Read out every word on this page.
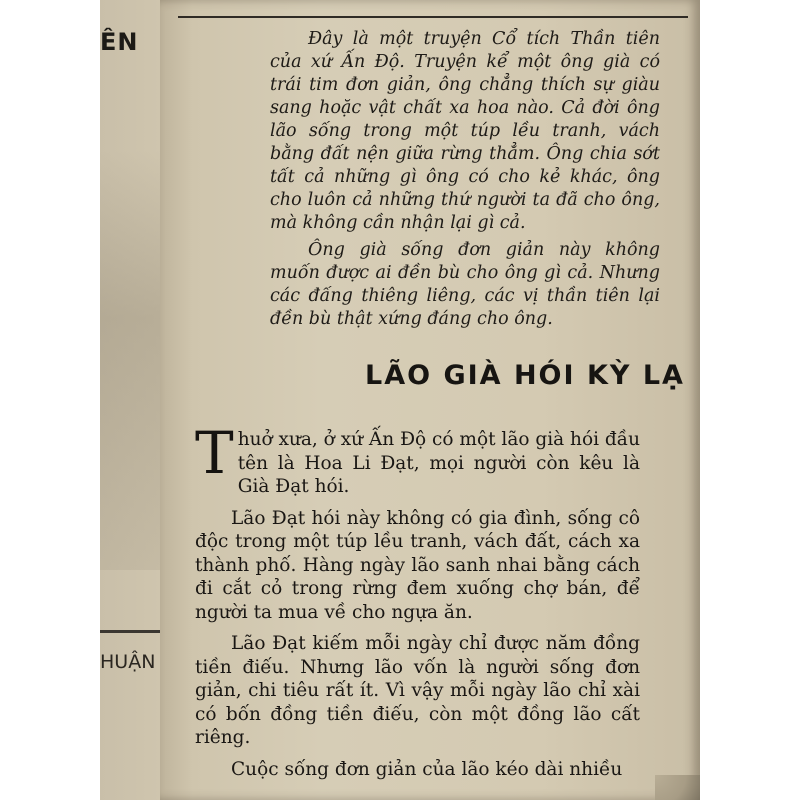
ÊN
HUẬN

Đây là một truyện Cổ tích Thần tiên của xứ Ấn Độ. Truyện kể một ông già có trái tim đơn giản, ông chẳng thích sự giàu sang hoặc vật chất xa hoa nào. Cả đời ông lão sống trong một túp lều tranh, vách bằng đất nện giữa rừng thẳm. Ông chia sớt tất cả những gì ông có cho kẻ khác, ông cho luôn cả những thứ người ta đã cho ông, mà không cần nhận lại gì cả.

Ông già sống đơn giản này không muốn được ai đền bù cho ông gì cả. Nhưng các đấng thiêng liêng, các vị thần tiên lại đền bù thật xứng đáng cho ông.

LÃO GIÀ HÓI KỲ LẠ

Thuở xưa, ở xứ Ấn Độ có một lão già hói đầu tên là Hoa Li Đạt, mọi người còn kêu là Già Đạt hói.

Lão Đạt hói này không có gia đình, sống cô độc trong một túp lều tranh, vách đất, cách xa thành phố. Hàng ngày lão sanh nhai bằng cách đi cắt cỏ trong rừng đem xuống chợ bán, để người ta mua về cho ngựa ăn.

Lão Đạt kiếm mỗi ngày chỉ được năm đồng tiền điếu. Nhưng lão vốn là người sống đơn giản, chi tiêu rất ít. Vì vậy mỗi ngày lão chỉ xài có bốn đồng tiền điếu, còn một đồng lão cất riêng.

Cuộc sống đơn giản của lão kéo dài nhiều
